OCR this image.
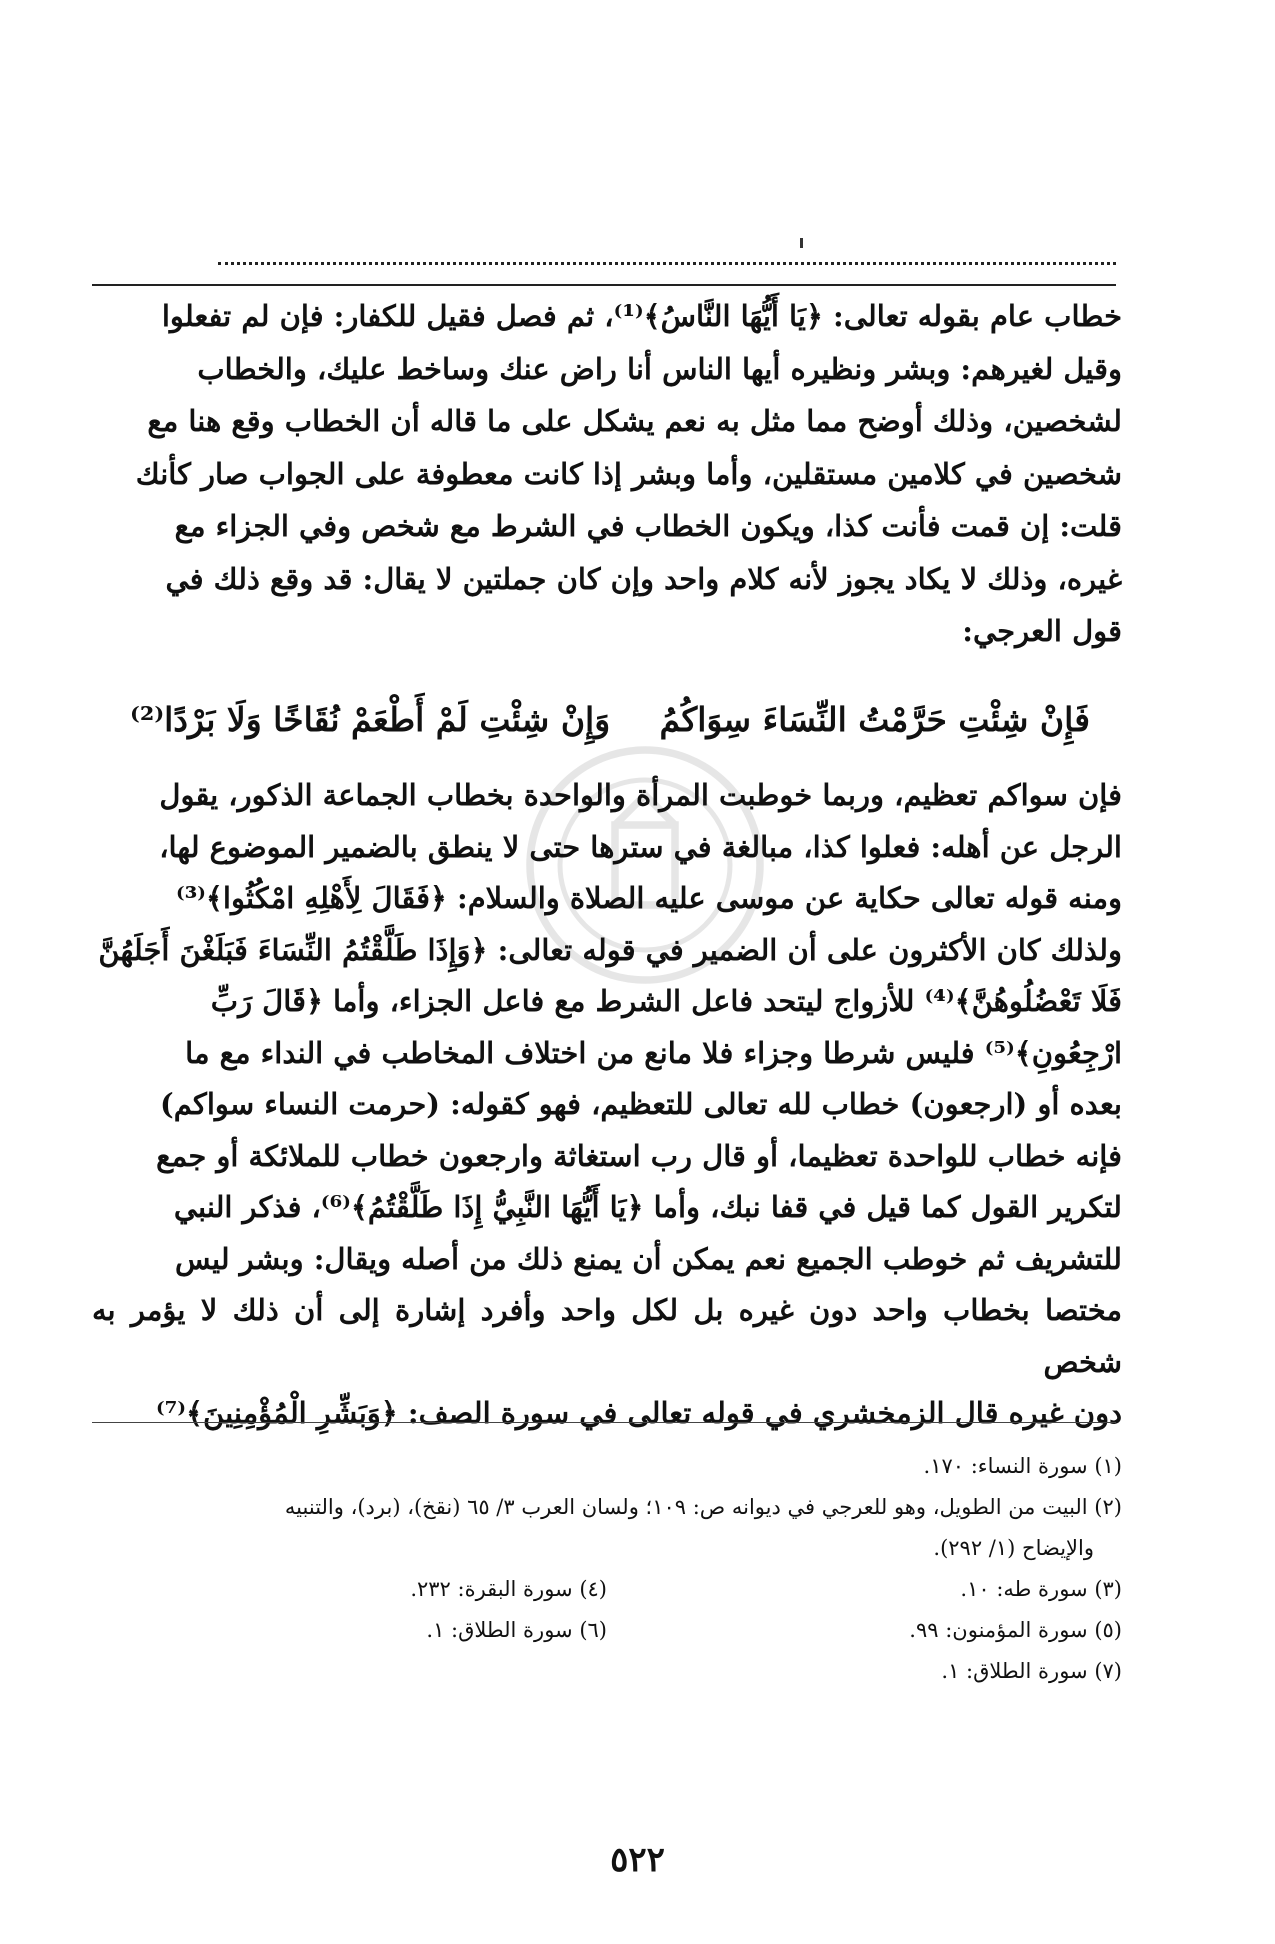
خطاب عام بقوله تعالى: ﴿يَا أَيُّهَا النَّاسُ﴾⁽¹⁾، ثم فصل فقيل للكفار: فإن لم تفعلوا

وقيل لغيرهم: وبشر ونظيره أيها الناس أنا راض عنك وساخط عليك، والخطاب

لشخصين، وذلك أوضح مما مثل به نعم يشكل على ما قاله أن الخطاب وقع هنا مع

شخصين في كلامين مستقلين، وأما وبشر إذا كانت معطوفة على الجواب صار كأنك

قلت: إن قمت فأنت كذا، ويكون الخطاب في الشرط مع شخص وفي الجزاء مع

غيره، وذلك لا يكاد يجوز لأنه كلام واحد وإن كان جملتين لا يقال: قد وقع ذلك في

قول العرجي:

فَإِنْ شِئْتِ حَرَّمْتُ النِّسَاءَ سِوَاكُمُ
وَإِنْ شِئْتِ لَمْ أَطْعَمْ نُقَاخًا وَلَا بَرْدًا⁽²⁾

فإن سواكم تعظيم، وربما خوطبت المرأة والواحدة بخطاب الجماعة الذكور، يقول

الرجل عن أهله: فعلوا كذا، مبالغة في سترها حتى لا ينطق بالضمير الموضوع لها،

ومنه قوله تعالى حكاية عن موسى عليه الصلاة والسلام: ﴿فَقَالَ لِأَهْلِهِ امْكُثُوا﴾⁽³⁾

ولذلك كان الأكثرون على أن الضمير في قوله تعالى: ﴿وَإِذَا طَلَّقْتُمُ النِّسَاءَ فَبَلَغْنَ أَجَلَهُنَّ

فَلَا تَعْضُلُوهُنَّ﴾⁽⁴⁾ للأزواج ليتحد فاعل الشرط مع فاعل الجزاء، وأما ﴿قَالَ رَبِّ

ارْجِعُونِ﴾⁽⁵⁾ فليس شرطا وجزاء فلا مانع من اختلاف المخاطب في النداء مع ما

بعده أو (ارجعون) خطاب لله تعالى للتعظيم، فهو كقوله: (حرمت النساء سواكم)

فإنه خطاب للواحدة تعظيما، أو قال رب استغاثة وارجعون خطاب للملائكة أو جمع

لتكرير القول كما قيل في قفا نبك، وأما ﴿يَا أَيُّهَا النَّبِيُّ إِذَا طَلَّقْتُمُ﴾⁽⁶⁾، فذكر النبي

للتشريف ثم خوطب الجميع نعم يمكن أن يمنع ذلك من أصله ويقال: وبشر ليس

مختصا بخطاب واحد دون غيره بل لكل واحد وأفرد إشارة إلى أن ذلك لا يؤمر به شخص

دون غيره قال الزمخشري في قوله تعالى في سورة الصف: ﴿وَبَشِّرِ الْمُؤْمِنِينَ﴾⁽⁷⁾

(١) سورة النساء: ١٧٠.
(٢) البيت من الطويل، وهو للعرجي في ديوانه ص: ١٠٩؛ ولسان العرب ٣/ ٦٥ (نقخ)، (برد)، والتنبيه
والإيضاح (١/ ٢٩٢).
(٣) سورة طه: ١٠.
(٤) سورة البقرة: ٢٣٢.
(٥) سورة المؤمنون: ٩٩.
(٦) سورة الطلاق: ١.
(٧) سورة الطلاق: ١.
٥٢٢
